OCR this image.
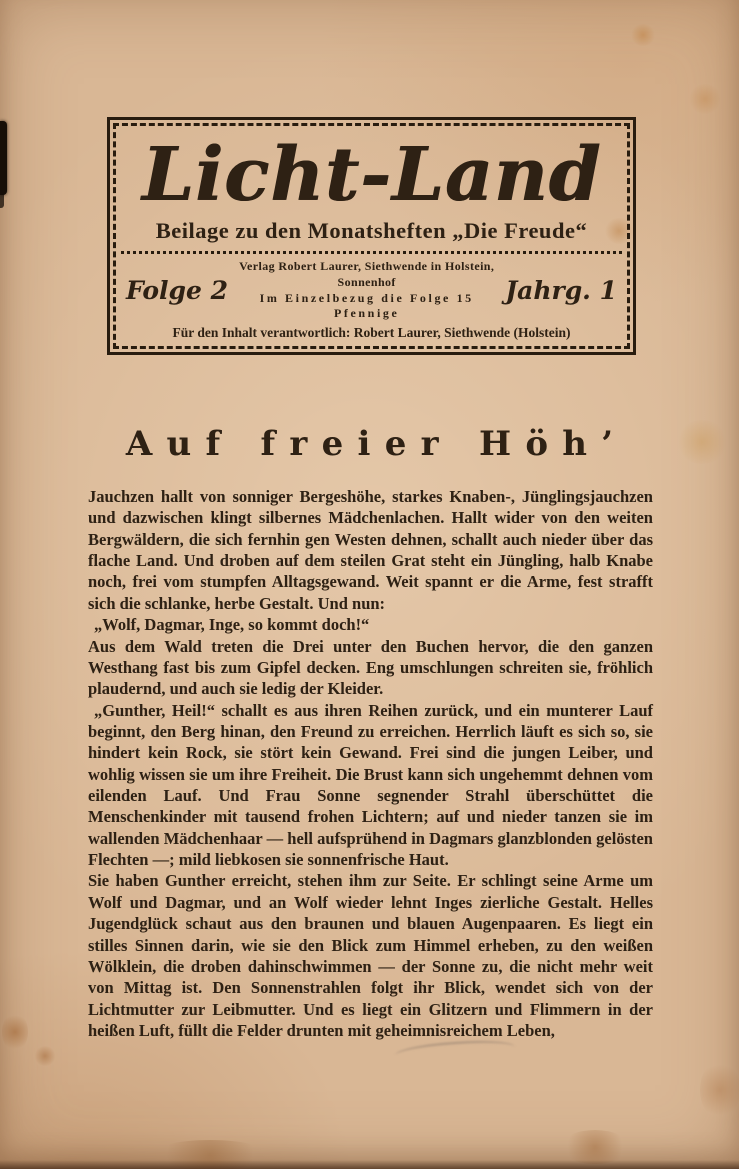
Licht-Land
Beilage zu den Monatsheften „Die Freude“
Folge 2
Verlag Robert Laurer, Siethwende in Holstein, Sonnenhof
Im Einzelbezug die Folge 15 Pfennige
Jahrg. 1
Für den Inhalt verantwortlich: Robert Laurer, Siethwende (Holstein)
Auf freier Höh’

Jauchzen hallt von sonniger Bergeshöhe, starkes Knaben-, Jünglingsjauchzen und dazwischen klingt silbernes Mädchenlachen. Hallt wider von den weiten Bergwäldern, die sich fernhin gen Westen dehnen, schallt auch nieder über das flache Land. Und droben auf dem steilen Grat steht ein Jüngling, halb Knabe noch, frei vom stumpfen Alltagsgewand. Weit spannt er die Arme, fest strafft sich die schlanke, herbe Gestalt. Und nun:

„Wolf, Dagmar, Inge, so kommt doch!“

Aus dem Wald treten die Drei unter den Buchen hervor, die den ganzen Westhang fast bis zum Gipfel decken. Eng umschlungen schreiten sie, fröhlich plaudernd, und auch sie ledig der Kleider.

„Gunther, Heil!“ schallt es aus ihren Reihen zurück, und ein munterer Lauf beginnt, den Berg hinan, den Freund zu erreichen. Herrlich läuft es sich so, sie hindert kein Rock, sie stört kein Gewand. Frei sind die jungen Leiber, und wohlig wissen sie um ihre Freiheit. Die Brust kann sich ungehemmt dehnen vom eilenden Lauf. Und Frau Sonne segnender Strahl überschüttet die Menschenkinder mit tausend frohen Lichtern; auf und nieder tanzen sie im wallenden Mädchenhaar — hell aufsprühend in Dagmars glanzblonden gelösten Flechten —; mild liebkosen sie sonnenfrische Haut.

Sie haben Gunther erreicht, stehen ihm zur Seite. Er schlingt seine Arme um Wolf und Dagmar, und an Wolf wieder lehnt Inges zierliche Gestalt. Helles Jugendglück schaut aus den braunen und blauen Augenpaaren. Es liegt ein stilles Sinnen darin, wie sie den Blick zum Himmel erheben, zu den weißen Wölklein, die droben dahinschwimmen — der Sonne zu, die nicht mehr weit von Mittag ist. Den Sonnenstrahlen folgt ihr Blick, wendet sich von der Lichtmutter zur Leibmutter. Und es liegt ein Glitzern und Flimmern in der heißen Luft, füllt die Felder drunten mit geheimnisreichem Leben,
